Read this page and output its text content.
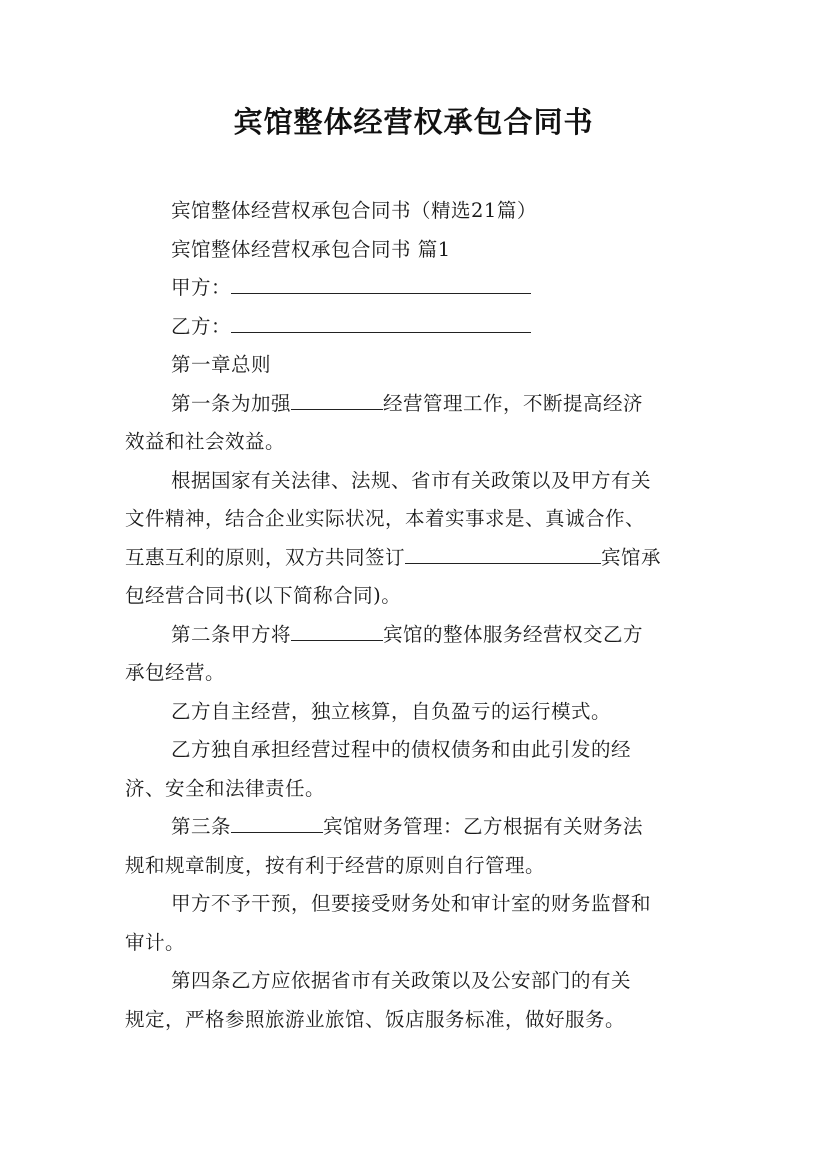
宾馆整体经营权承包合同书
宾馆整体经营权承包合同书（精选21篇）
宾馆整体经营权承包合同书 篇1
甲方：
乙方：
第一章总则
第一条为加强	经营管理工作，不断提高经济
效益和社会效益。
根据国家有关法律、法规、省市有关政策以及甲方有关
文件精神，结合企业实际状况，本着实事求是、真诚合作、
互惠互利的原则，双方共同签订	宾馆承
包经营合同书(以下简称合同)。
第二条甲方将	宾馆的整体服务经营权交乙方
承包经营。
乙方自主经营，独立核算，自负盈亏的运行模式。
乙方独自承担经营过程中的债权债务和由此引发的经
济、安全和法律责任。
第三条	宾馆财务管理：乙方根据有关财务法
规和规章制度，按有利于经营的原则自行管理。
甲方不予干预，但要接受财务处和审计室的财务监督和
审计。
第四条乙方应依据省市有关政策以及公安部门的有关
规定，严格参照旅游业旅馆、饭店服务标准，做好服务。
